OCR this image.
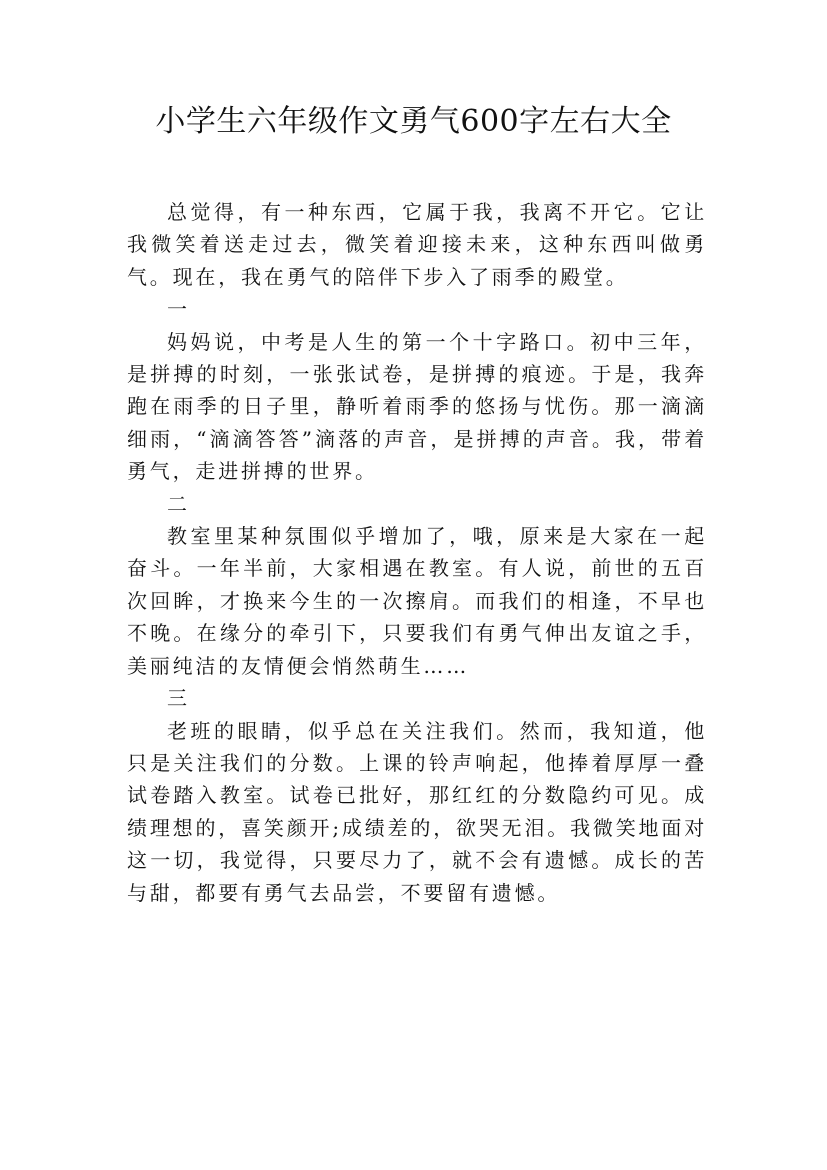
小学生六年级作文勇气600字左右大全

总觉得，有一种东西，它属于我，我离不开它。它让我微笑着送走过去，微笑着迎接未来，这种东西叫做勇气。现在，我在勇气的陪伴下步入了雨季的殿堂。

一

妈妈说，中考是人生的第一个十字路口。初中三年，是拼搏的时刻，一张张试卷，是拼搏的痕迹。于是，我奔跑在雨季的日子里，静听着雨季的悠扬与忧伤。那一滴滴细雨，“滴滴答答”滴落的声音，是拼搏的声音。我，带着勇气，走进拼搏的世界。

二

教室里某种氛围似乎增加了，哦，原来是大家在一起奋斗。一年半前，大家相遇在教室。有人说，前世的五百次回眸，才换来今生的一次擦肩。而我们的相逢，不早也不晚。在缘分的牵引下，只要我们有勇气伸出友谊之手，美丽纯洁的友情便会悄然萌生……

三

老班的眼睛，似乎总在关注我们。然而，我知道，他只是关注我们的分数。上课的铃声响起，他捧着厚厚一叠试卷踏入教室。试卷已批好，那红红的分数隐约可见。成绩理想的，喜笑颜开;成绩差的，欲哭无泪。我微笑地面对这一切，我觉得，只要尽力了，就不会有遗憾。成长的苦与甜，都要有勇气去品尝，不要留有遗憾。
